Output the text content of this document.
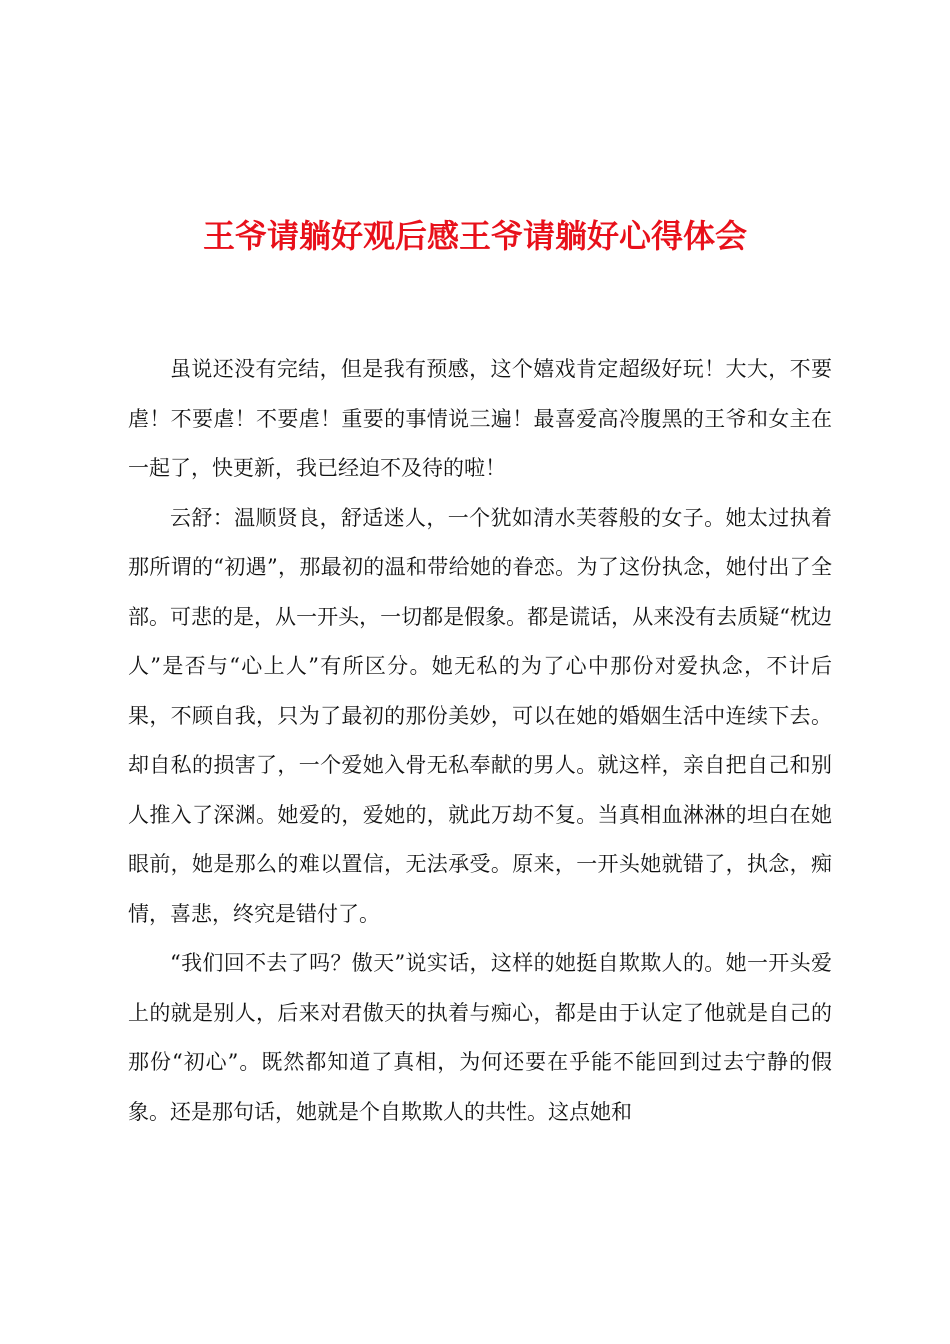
王爷请躺好观后感王爷请躺好心得体会

虽说还没有完结，但是我有预感，这个嬉戏肯定超级好玩！大大，不要虐！不要虐！不要虐！重要的事情说三遍！最喜爱高冷腹黑的王爷和女主在一起了，快更新，我已经迫不及待的啦！

云舒：温顺贤良，舒适迷人，一个犹如清水芙蓉般的女子。她太过执着那所谓的“初遇”，那最初的温和带给她的眷恋。为了这份执念，她付出了全部。可悲的是，从一开头，一切都是假象。都是谎话，从来没有去质疑“枕边人”是否与“心上人”有所区分。她无私的为了心中那份对爱执念，不计后果，不顾自我，只为了最初的那份美妙，可以在她的婚姻生活中连续下去。却自私的损害了，一个爱她入骨无私奉献的男人。就这样，亲自把自己和别人推入了深渊。她爱的，爱她的，就此万劫不复。当真相血淋淋的坦白在她眼前，她是那么的难以置信，无法承受。原来，一开头她就错了，执念，痴情，喜悲，终究是错付了。

“我们回不去了吗？傲天”说实话，这样的她挺自欺欺人的。她一开头爱上的就是别人，后来对君傲天的执着与痴心，都是由于认定了他就是自己的那份“初心”。既然都知道了真相，为何还要在乎能不能回到过去宁静的假象。还是那句话，她就是个自欺欺人的共性。这点她和
